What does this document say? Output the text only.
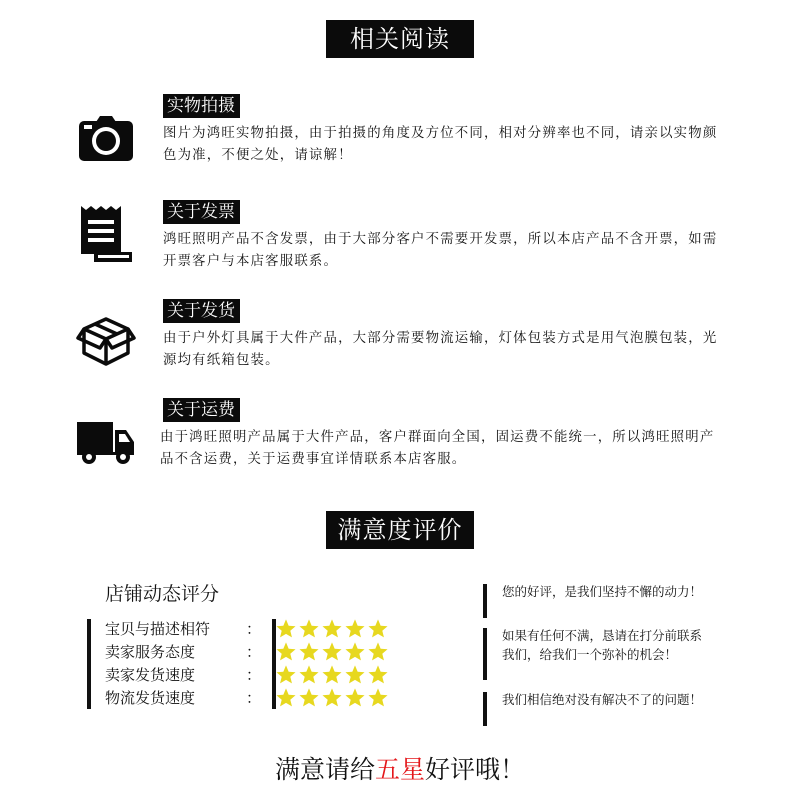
相关阅读
实物拍摄
图片为鸿旺实物拍摄，由于拍摄的角度及方位不同，相对分辨率也不同，请亲以实物颜色为准，不便之处，请谅解！
关于发票
鸿旺照明产品不含发票，由于大部分客户不需要开发票，所以本店产品不含开票，如需开票客户与本店客服联系。
关于发货
由于户外灯具属于大件产品，大部分需要物流运输，灯体包装方式是用气泡膜包装，光源均有纸箱包装。
关于运费
由于鸿旺照明产品属于大件产品，客户群面向全国，固运费不能统一，所以鸿旺照明产品不含运费，关于运费事宜详情联系本店客服。
满意度评价
店铺动态评分
宝贝与描述相符 ：
卖家服务态度	：
卖家发货速度	：
物流发货速度	：
您的好评，是我们坚持不懈的动力！
如果有任何不满，恳请在打分前联系我们，给我们一个弥补的机会！
我们相信绝对没有解决不了的问题！
满意请给五星好评哦！
